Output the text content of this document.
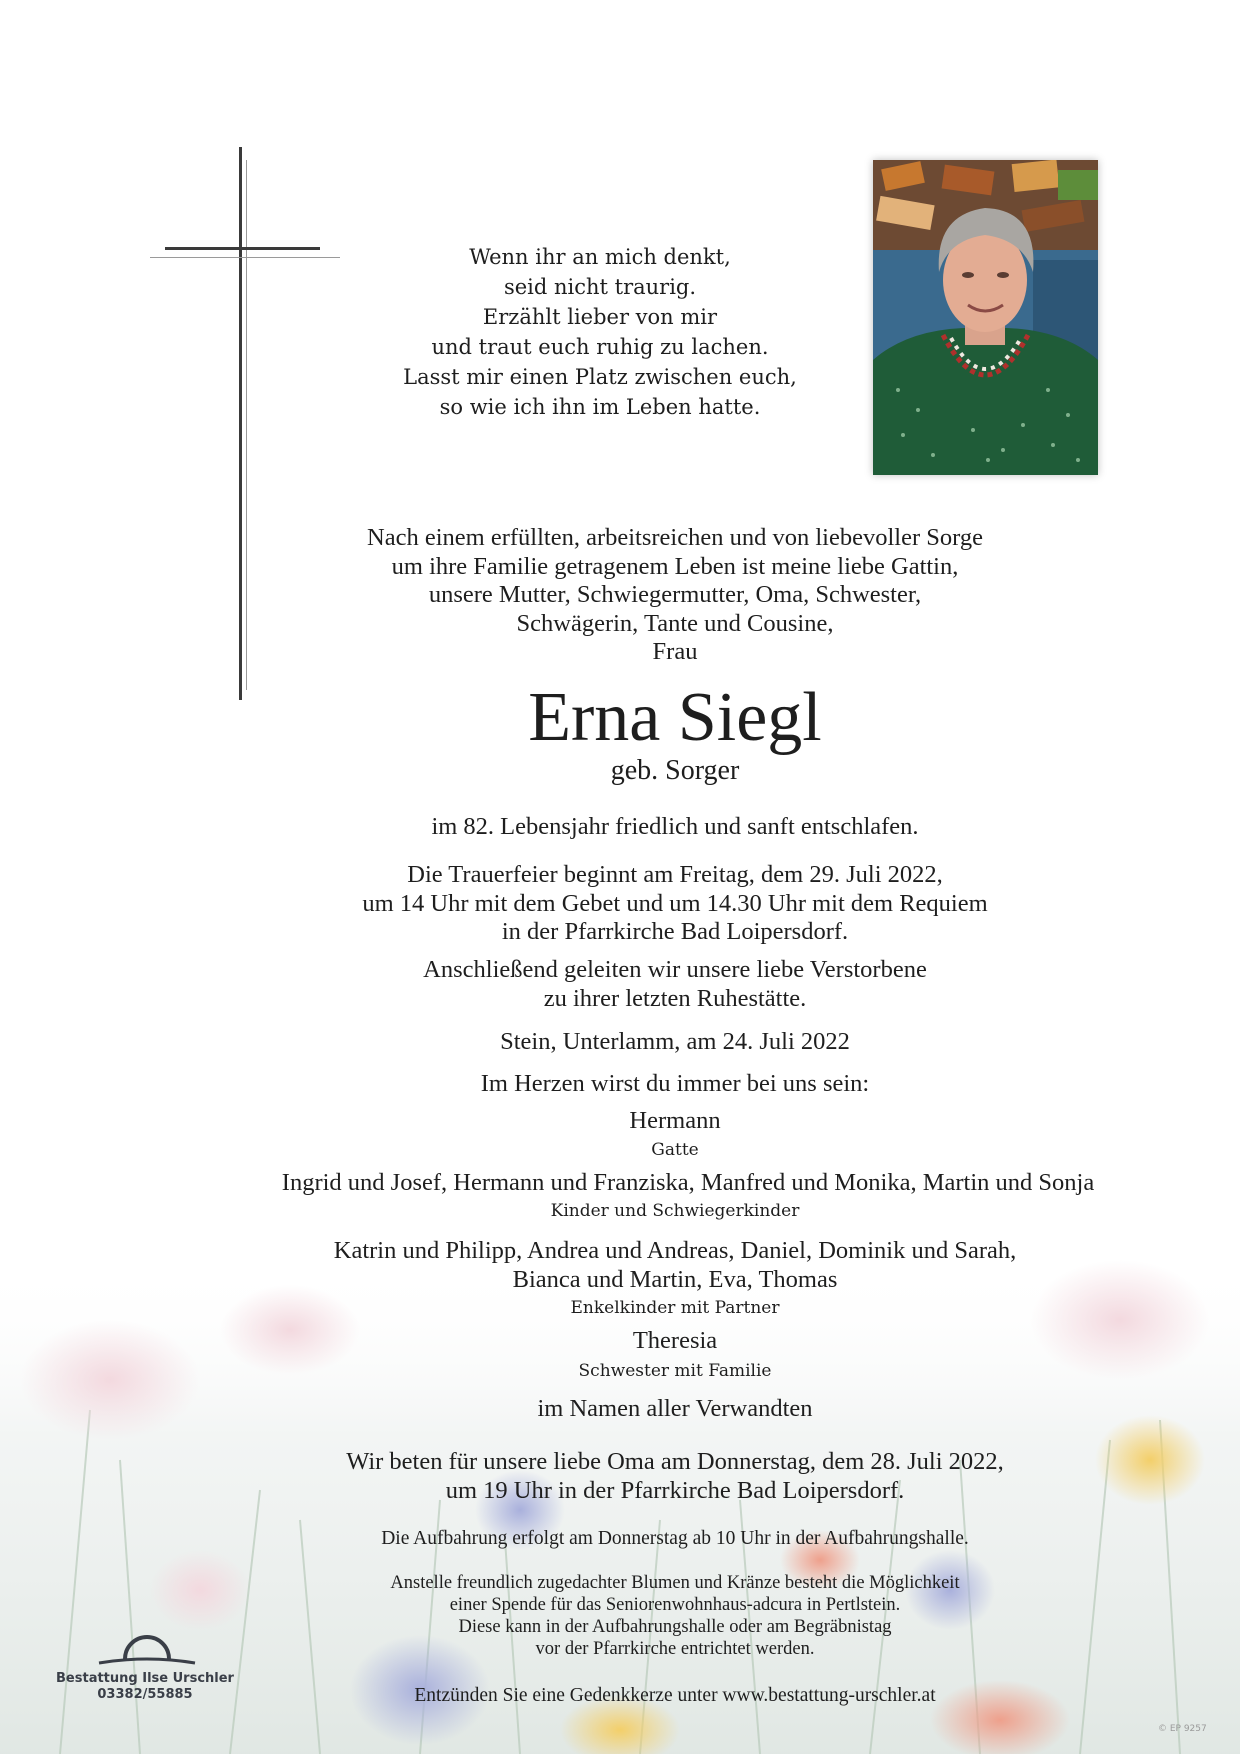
Wenn ihr an mich denkt,
seid nicht traurig.
Erzählt lieber von mir
und traut euch ruhig zu lachen.
Lasst mir einen Platz zwischen euch,
so wie ich ihn im Leben hatte.
Nach einem erfüllten, arbeitsreichen und von liebevoller Sorge
um ihre Familie getragenem Leben ist meine liebe Gattin,
unsere Mutter, Schwiegermutter, Oma, Schwester,
Schwägerin, Tante und Cousine,
Frau
Erna Siegl
geb. Sorger
im 82. Lebensjahr friedlich und sanft entschlafen.
Die Trauerfeier beginnt am Freitag, dem 29. Juli 2022,
um 14 Uhr mit dem Gebet und um 14.30 Uhr mit dem Requiem
in der Pfarrkirche Bad Loipersdorf.
Anschließend geleiten wir unsere liebe Verstorbene
zu ihrer letzten Ruhestätte.
Stein, Unterlamm, am 24. Juli 2022
Im Herzen wirst du immer bei uns sein:
Hermann
Gatte
Ingrid und Josef, Hermann und Franziska, Manfred und Monika, Martin und Sonja
Kinder und Schwiegerkinder
Katrin und Philipp, Andrea und Andreas, Daniel, Dominik und Sarah,
Bianca und Martin, Eva, Thomas
Enkelkinder mit Partner
Theresia
Schwester mit Familie
im Namen aller Verwandten
Wir beten für unsere liebe Oma am Donnerstag, dem 28. Juli 2022,
um 19 Uhr in der Pfarrkirche Bad Loipersdorf.
Die Aufbahrung erfolgt am Donnerstag ab 10 Uhr in der Aufbahrungshalle.
Anstelle freundlich zugedachter Blumen und Kränze besteht die Möglichkeit
einer Spende für das Seniorenwohnhaus-adcura in Pertlstein.
Diese kann in der Aufbahrungshalle oder am Begräbnistag
vor der Pfarrkirche entrichtet werden.
Entzünden Sie eine Gedenkkerze unter www.bestattung-urschler.at
Bestattung Ilse Urschler
03382/55885
© EP 9257
